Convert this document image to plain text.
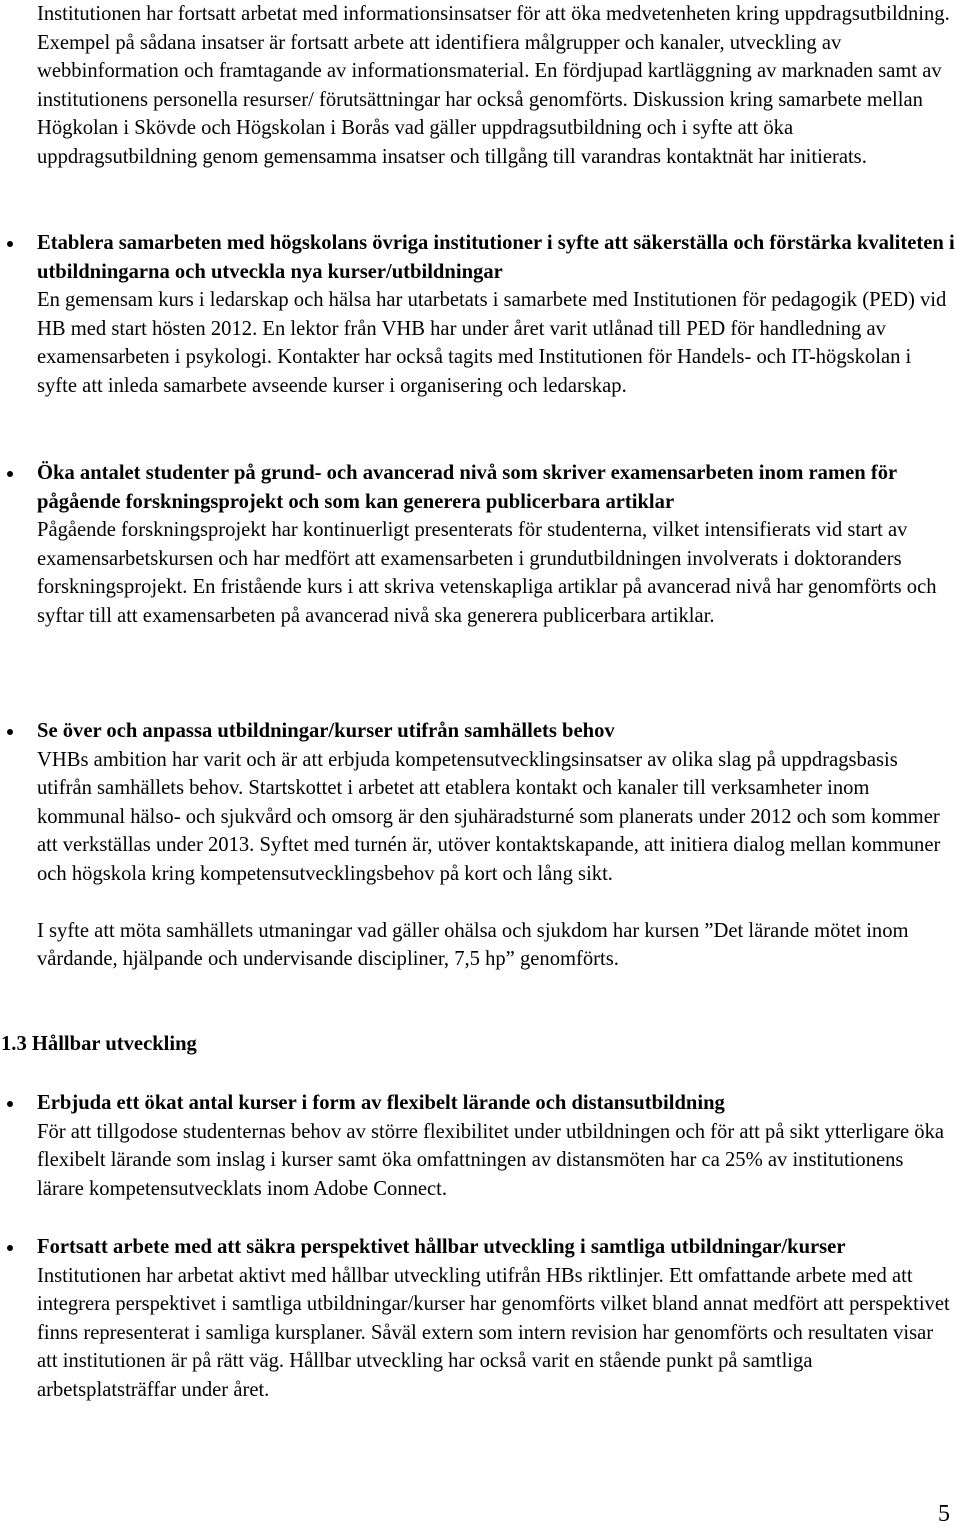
Institutionen har fortsatt arbetat med informationsinsatser för att öka medvetenheten kring uppdragsutbildning. Exempel på sådana insatser är fortsatt arbete att identifiera målgrupper och kanaler, utveckling av webbinformation och framtagande av informationsmaterial. En fördjupad kartläggning av marknaden samt av institutionens personella resurser/ förutsättningar har också genomförts. Diskussion kring samarbete mellan Högkolan i Skövde och Högskolan i Borås vad gäller uppdragsutbildning och i syfte att öka uppdragsutbildning genom gemensamma insatser och tillgång till varandras kontaktnät har initierats.

Etablera samarbeten med högskolans övriga institutioner i syfte att säkerställa och förstärka kvaliteten i utbildningarna och utveckla nya kurser/utbildningar

En gemensam kurs i ledarskap och hälsa har utarbetats i samarbete med Institutionen för pedagogik (PED) vid HB med start hösten 2012. En lektor från VHB har under året varit utlånad till PED för handledning av examensarbeten i psykologi. Kontakter har också tagits med Institutionen för Handels- och IT-högskolan i syfte att inleda samarbete avseende kurser i organisering och ledarskap.

Öka antalet studenter på grund- och avancerad nivå som skriver examensarbeten inom ramen för pågående forskningsprojekt och som kan generera publicerbara artiklar

Pågående forskningsprojekt har kontinuerligt presenterats för studenterna, vilket intensifierats vid start av examensarbetskursen och har medfört att examensarbeten i grundutbildningen involverats i doktoranders forskningsprojekt. En fristående kurs i att skriva vetenskapliga artiklar på avancerad nivå har genomförts och syftar till att examensarbeten på avancerad nivå ska generera publicerbara artiklar.

Se över och anpassa utbildningar/kurser utifrån samhällets behov

VHBs ambition har varit och är att erbjuda kompetensutvecklingsinsatser av olika slag på uppdragsbasis utifrån samhällets behov. Startskottet i arbetet att etablera kontakt och kanaler till verksamheter inom kommunal hälso- och sjukvård och omsorg är den sjuhäradsturné som planerats under 2012 och som kommer att verkställas under 2013. Syftet med turnén är, utöver kontaktskapande, att initiera dialog mellan kommuner och högskola kring kompetensutvecklingsbehov på kort och lång sikt.

I syfte att möta samhällets utmaningar vad gäller ohälsa och sjukdom har kursen ”Det lärande mötet inom vårdande, hjälpande och undervisande discipliner, 7,5 hp” genomförts.

1.3 Hållbar utveckling

Erbjuda ett ökat antal kurser i form av flexibelt lärande och distansutbildning

För att tillgodose studenternas behov av större flexibilitet under utbildningen och för att på sikt ytterligare öka flexibelt lärande som inslag i kurser samt öka omfattningen av distansmöten har ca 25% av institutionens lärare kompetensutvecklats inom Adobe Connect.

Fortsatt arbete med att säkra perspektivet hållbar utveckling i samtliga utbildningar/kurser

Institutionen har arbetat aktivt med hållbar utveckling utifrån HBs riktlinjer. Ett omfattande arbete med att integrera perspektivet i samtliga utbildningar/kurser har genomförts vilket bland annat medfört att perspektivet finns representerat i samliga kursplaner. Såväl extern som intern revision har genomförts och resultaten visar att institutionen är på rätt väg. Hållbar utveckling har också varit en stående punkt på samtliga arbetsplatsträffar under året.

5
